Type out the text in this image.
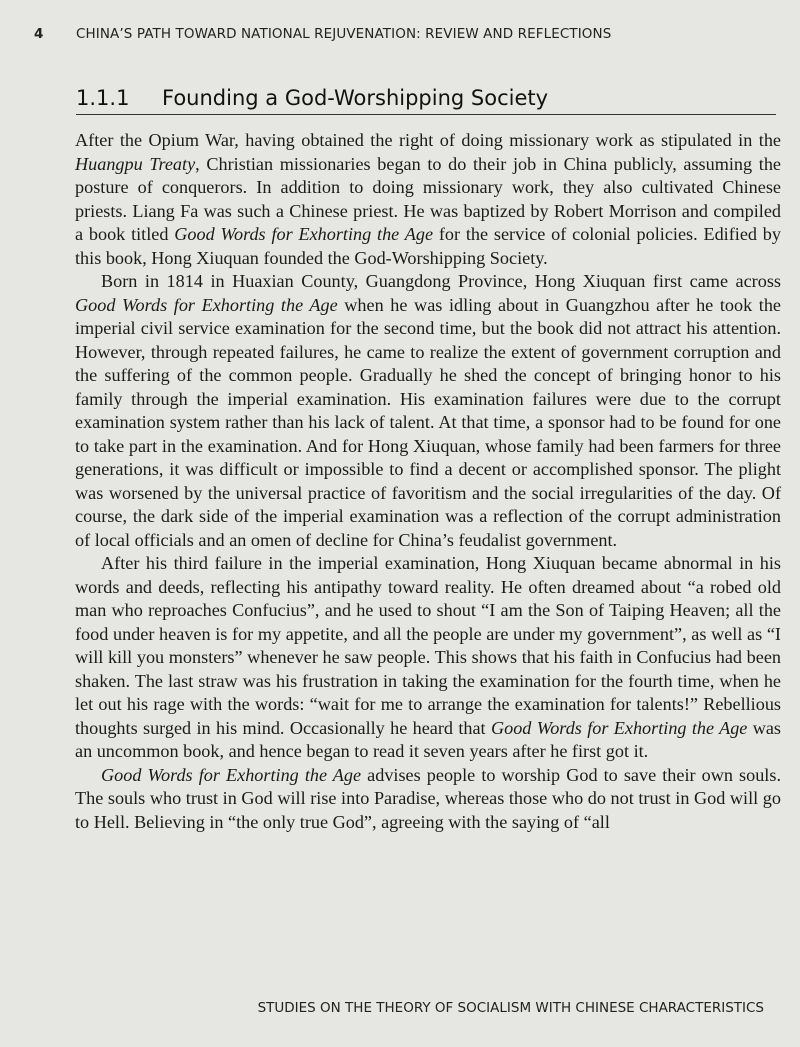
4 CHINA’S PATH TOWARD NATIONAL REJUVENATION: REVIEW AND REFLECTIONS
1.1.1 Founding a God-Worshipping Society

After the Opium War, having obtained the right of doing missionary work as stipulated in the Huangpu Treaty, Christian missionaries began to do their job in China publicly, assuming the posture of conquerors. In addition to doing missionary work, they also cultivated Chinese priests. Liang Fa was such a Chinese priest. He was baptized by Robert Morrison and compiled a book titled Good Words for Exhorting the Age for the service of colonial policies. Edified by this book, Hong Xiuquan founded the God-Worshipping Society.

Born in 1814 in Huaxian County, Guangdong Province, Hong Xiuquan first came across Good Words for Exhorting the Age when he was idling about in Guangzhou after he took the imperial civil service examination for the second time, but the book did not attract his attention. However, through repeated failures, he came to realize the extent of government corruption and the suffering of the common people. Gradually he shed the concept of bringing honor to his family through the imperial examination. His examination failures were due to the corrupt examination system rather than his lack of talent. At that time, a sponsor had to be found for one to take part in the examination. And for Hong Xiuquan, whose family had been farmers for three generations, it was difficult or impossible to find a decent or accomplished sponsor. The plight was worsened by the universal practice of favoritism and the social irregularities of the day. Of course, the dark side of the imperial examination was a reflection of the corrupt administration of local officials and an omen of decline for China’s feudalist government.

After his third failure in the imperial examination, Hong Xiuquan became abnormal in his words and deeds, reflecting his antipathy toward reality. He often dreamed about “a robed old man who reproaches Confucius”, and he used to shout “I am the Son of Taiping Heaven; all the food under heaven is for my appetite, and all the people are under my government”, as well as “I will kill you monsters” whenever he saw people. This shows that his faith in Confucius had been shaken. The last straw was his frustration in taking the examination for the fourth time, when he let out his rage with the words: “wait for me to arrange the examination for talents!” Rebellious thoughts surged in his mind. Occasionally he heard that Good Words for Exhorting the Age was an uncommon book, and hence began to read it seven years after he first got it.

Good Words for Exhorting the Age advises people to worship God to save their own souls. The souls who trust in God will rise into Paradise, whereas those who do not trust in God will go to Hell. Believing in “the only true God”, agreeing with the saying of “all

STUDIES ON THE THEORY OF SOCIALISM WITH CHINESE CHARACTERISTICS
